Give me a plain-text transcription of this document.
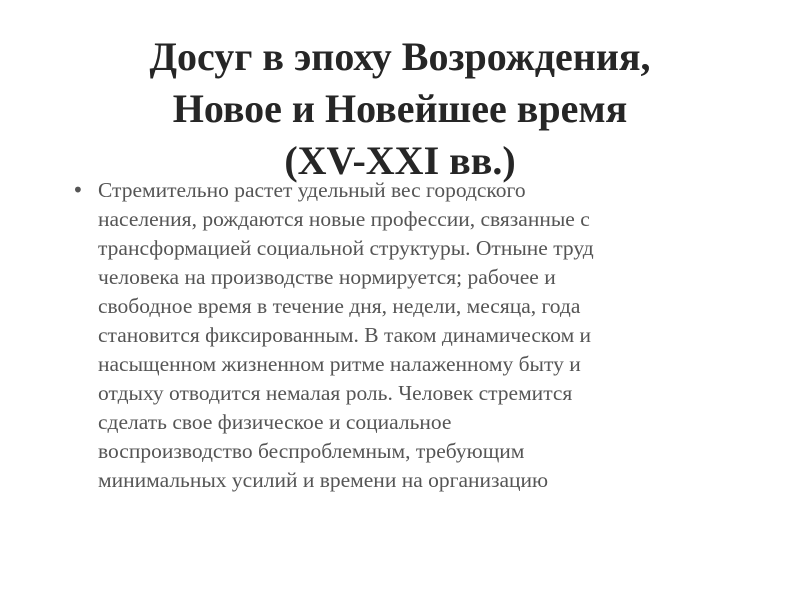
Досуг в эпоху Возрождения,
Новое и Новейшее время
(XV-XXI вв.)
• Стремительно растет удельный вес городского
населения, рождаются новые профессии, связанные с
трансформацией социальной структуры. Отныне труд
человека на производстве нормируется; рабочее и
свободное время в течение дня, недели, месяца, года
становится фиксированным. В таком динамическом и
насыщенном жизненном ритме налаженному быту и
отдыху отводится немалая роль. Человек стремится
сделать свое физическое и социальное
воспроизводство беспроблемным, требующим
минимальных усилий и времени на организацию
